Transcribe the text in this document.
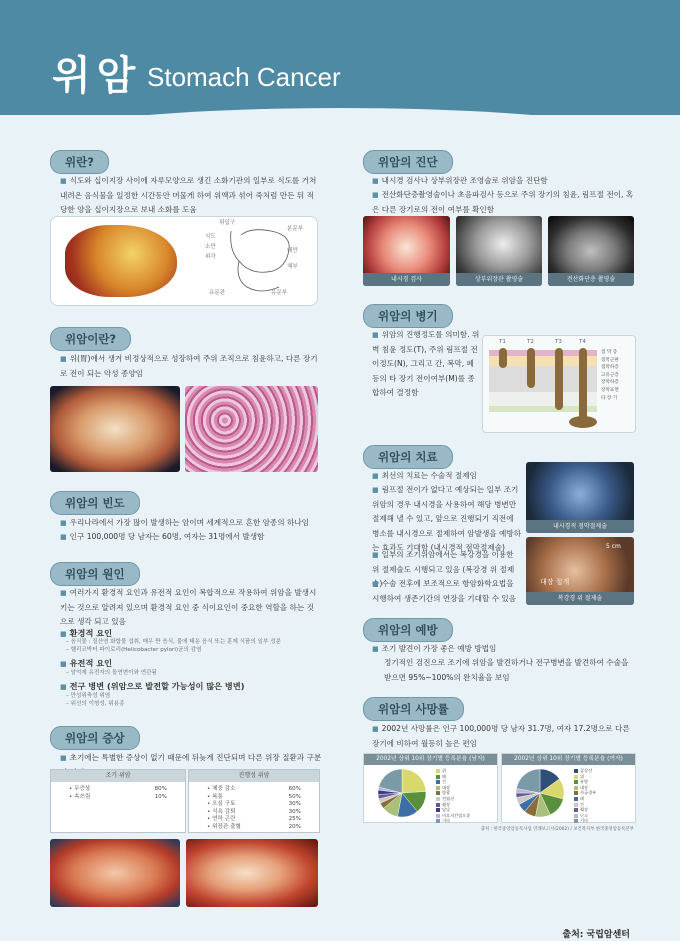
위암 Stomach Cancer
위란?
■ 식도와 십이지장 사이에 자루모양으로 생긴 소화기관의 일부로 식도를 거쳐 내려온 음식물을 일정한 시간동안 머물게 하여 위액과 섞어 죽처럼 만든 뒤 적당한 양을 십이지장으로 보내 소화를 도움
위입구
식도
소만
위각
분문부
대만
체부
유문관	유문부
위암이란?
■ 위(胃)에서 생겨 비정상적으로 성장하여 주위 조직으로 침윤하고, 다른 장기로 전이 되는 악성 종양임
위암의 빈도
■ 우리나라에서 가장 많이 발생하는 암이며 세계적으로 흔한 암종의 하나임
■ 인구 100,000명 당 남자는 60명, 여자는 31명에서 발생함
위암의 원인
■ 여러가지 환경적 요인과 유전적 요인이 복합적으로 작용하여 위암을 발생시키는 것으로 알려져 있으며 환경적 요인 중 식이요인이 중요한 역할을 하는 것으로 생각 되고 있음
■ 환경적 요인
– 음식물 : 질산염 화합물 섭취, 매우 짠 음식, 불에 태운 음식 또는 훈제 식품의 일부 성분
– 헬리코박터 파이로리(Helicobacter pylori)균의 감염
■ 유전적 요인
– 암억제 유전자의 돌연변이와 연관됨
■ 전구 병변 (위암으로 발전할 가능성이 많은 병변)
– 만성위축성 위염
– 위선의 이형성, 위용종
위암의 증상
■ 초기에는 특별한 증상이 없기 때문에 뒤늦게 진단되며 다른 위장 질환과 구분
조기 위암
• 무증상	80%
• 속쓰림	10%
진행성 위암
• 체중 감소	60%
• 복통	50%
• 오심 구토	30%
• 식욕 감퇴	30%
• 연하 곤란	25%
• 위장관 출혈	20%
위암의 진단
■ 내시경 검사나 상부위장관 조영술로 위암을 진단함
■ 전산화단층촬영술이나 초음파검사 등으로 주위 장기의 침윤, 림프절 전이, 혹은 다른 장기로의 전이 여부를 확인함
내시경 검사	상부위장관 촬영술	전산화단층 촬영술
위암의 병기
■ 위암의 진행정도를 의미함. 위벽 침윤 정도(T), 주위 림프절 전이정도(N), 그리고 간, 복막, 폐 등의 타 장기 전이여부(M)를 종합하여 결정함
T1	T2	T3	T4
점 막 층
점막근판
점막하층
고유근층
장막하층
장막표면
타 장 기
위암의 치료
■ 최선의 치료는 수술적 절제임
■ 림프절 전이가 없다고 예상되는 일부 조기 위암의 경우 내시경을 사용하여 해당 병변만 절제해 낼 수 있고, 앞으로 진행되기 직전에 병소를 내시경으로 절제하여 암발생을 예방하는 효과도 기대함 (내시경적 점막절제술)
■ 일부의 조기위암에서는 복강경을 이용한 위 절제술도 시행되고 있음 (복강경 위 절제술)
■ 수술 전후에 보조적으로 항암화학요법을 시행하여 생존기간의 연장을 기대할 수 있음
내시경적 점막절제술
대장 절개
5 cm
복강경 위 절제술
위암의 예방
■ 조기 발견이 가장 좋은 예방 방법임
정기적인 검진으로 조기에 위암을 발견하거나 전구병변을 발견하여 수술을 받으면 95%~100%의 완치율을 보임
위암의 사망률
■ 2002년 사망률은 인구 100,000명 당 남자 31.7명, 여자 17.2명으로 다른 장기에 비하여 월등히 높은 편임
2002년 상위 10위 장기별 등록분율 (남자)
위
폐
간
대장
방광
전립선
췌장
담낭
비호지킨림프종
기타
2002년 상위 10위 장기별 등록분율 (여자)
갑상선
위
유방
대장
자궁경부
폐
간
췌장
난소
기타
출처 : 한국중앙암등록사업 연례보고서(2002) / 보건복지부 한국중앙암등록본부
출처: 국립암센터
